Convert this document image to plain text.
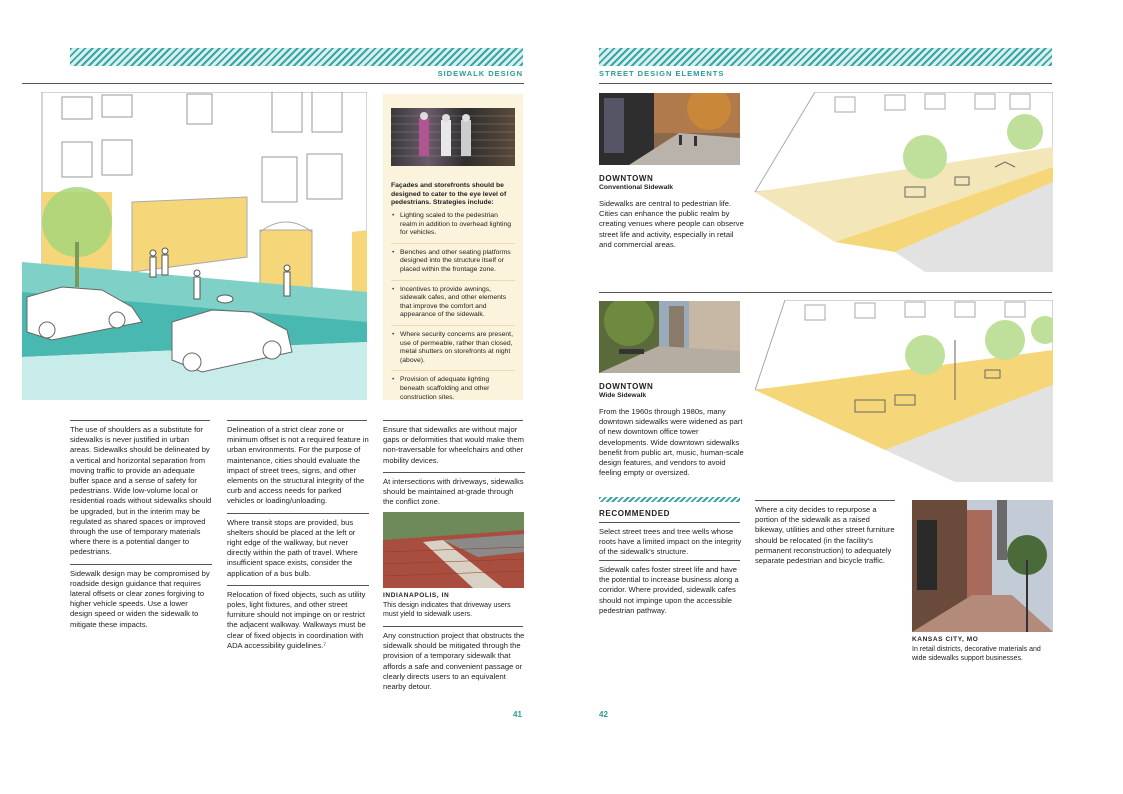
SIDEWALK DESIGN
Façades and storefronts should be designed to cater to the eye level of pedestrians. Strategies include:
• Lighting scaled to the pedestrian realm in addition to overhead lighting for vehicles.
• Benches and other seating platforms designed into the structure itself or placed within the frontage zone.
• Incentives to provide awnings, sidewalk cafes, and other elements that improve the comfort and appearance of the sidewalk.
• Where security concerns are present, use of permeable, rather than closed, metal shutters on storefronts at night (above).
• Provision of adequate lighting beneath scaffolding and other construction sites.

The use of shoulders as a substitute for sidewalks is never justified in urban areas. Sidewalks should be delineated by a vertical and horizontal separation from moving traffic to provide an adequate buffer space and a sense of safety for pedestrians. Wide low-volume local or residential roads without sidewalks should be upgraded, but in the interim may be regulated as shared spaces or improved through the use of temporary materials where there is a potential danger to pedestrians.

Sidewalk design may be compromised by roadside design guidance that requires lateral offsets or clear zones forgiving to higher vehicle speeds. Use a lower design speed or widen the sidewalk to mitigate these impacts.

Delineation of a strict clear zone or minimum offset is not a required feature in urban environments. For the purpose of maintenance, cities should evaluate the impact of street trees, signs, and other elements on the structural integrity of the curb and access needs for parked vehicles or loading/unloading.

Where transit stops are provided, bus shelters should be placed at the left or right edge of the walkway, but never directly within the path of travel. Where insufficient space exists, consider the application of a bus bulb.

Relocation of fixed objects, such as utility poles, light fixtures, and other street furniture should not impinge on or restrict the adjacent walkway. Walkways must be clear of fixed objects in coordination with ADA accessibility guidelines.⁷

Ensure that sidewalks are without major gaps or deformities that would make them non-traversable for wheelchairs and other mobility devices.

At intersections with driveways, sidewalks should be maintained at-grade through the conflict zone.

INDIANAPOLIS, IN
This design indicates that driveway users must yield to sidewalk users.
Any construction project that obstructs the sidewalk should be mitigated through the provision of a temporary sidewalk that affords a safe and convenient passage or clearly directs users to an equivalent nearby detour.
41
STREET DESIGN ELEMENTS
DOWNTOWN
Conventional Sidewalk
Sidewalks are central to pedestrian life. Cities can enhance the public realm by creating venues where people can observe street life and activity, especially in retail and commercial areas.
DOWNTOWN
Wide Sidewalk
From the 1960s through 1980s, many downtown sidewalks were widened as part of new downtown office tower developments. Wide downtown sidewalks benefit from public art, music, human-scale design features, and vendors to avoid feeling empty or oversized.
RECOMMENDED
Select street trees and tree wells whose roots have a limited impact on the integrity of the sidewalk's structure.
Sidewalk cafes foster street life and have the potential to increase business along a corridor. Where provided, sidewalk cafes should not impinge upon the accessible pedestrian pathway.
Where a city decides to repurpose a portion of the sidewalk as a raised bikeway, utilities and other street furniture should be relocated (in the facility's permanent reconstruction) to adequately separate pedestrian and bicycle traffic.
KANSAS CITY, MO
In retail districts, decorative materials and wide sidewalks support businesses.
42
